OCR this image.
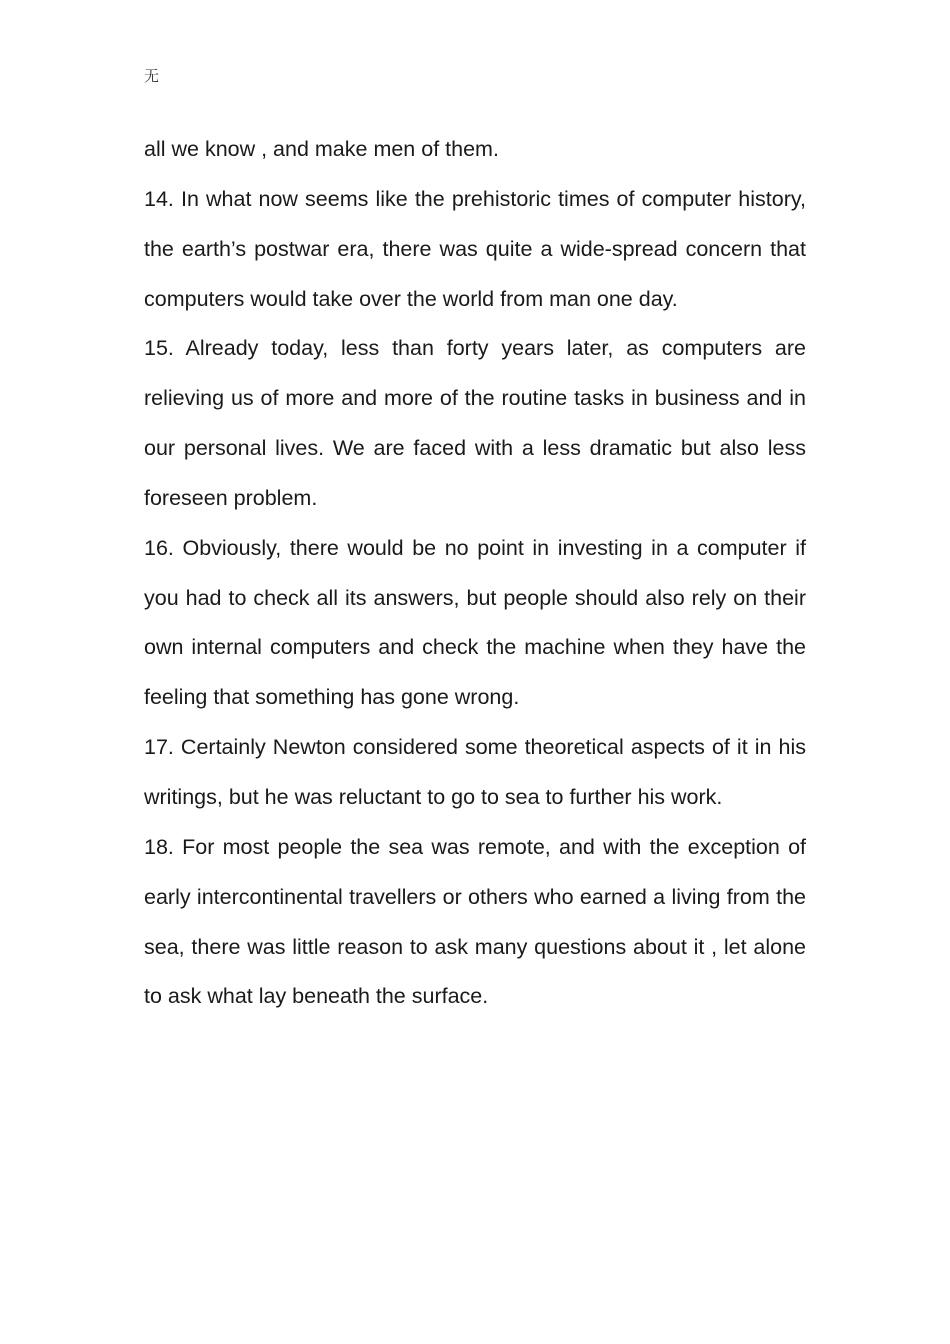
无

all we know , and make men of them.

14. In what now seems like the prehistoric times of computer history, the earth’s postwar era, there was quite a wide-spread concern that computers would take over the world from man one day.

15. Already today, less than forty years later, as computers are relieving us of more and more of the routine tasks in business and in our personal lives. We are faced with a less dramatic but also less foreseen problem.

16. Obviously, there would be no point in investing in a computer if you had to check all its answers, but people should also rely on their own internal computers and check the machine when they have the feeling that something has gone wrong.

17. Certainly Newton considered some theoretical aspects of it in his writings, but he was reluctant to go to sea to further his work.

18. For most people the sea was remote, and with the exception of early intercontinental travellers or others who earned a living from the sea, there was little reason to ask many questions about it , let alone to ask what lay beneath the surface.
